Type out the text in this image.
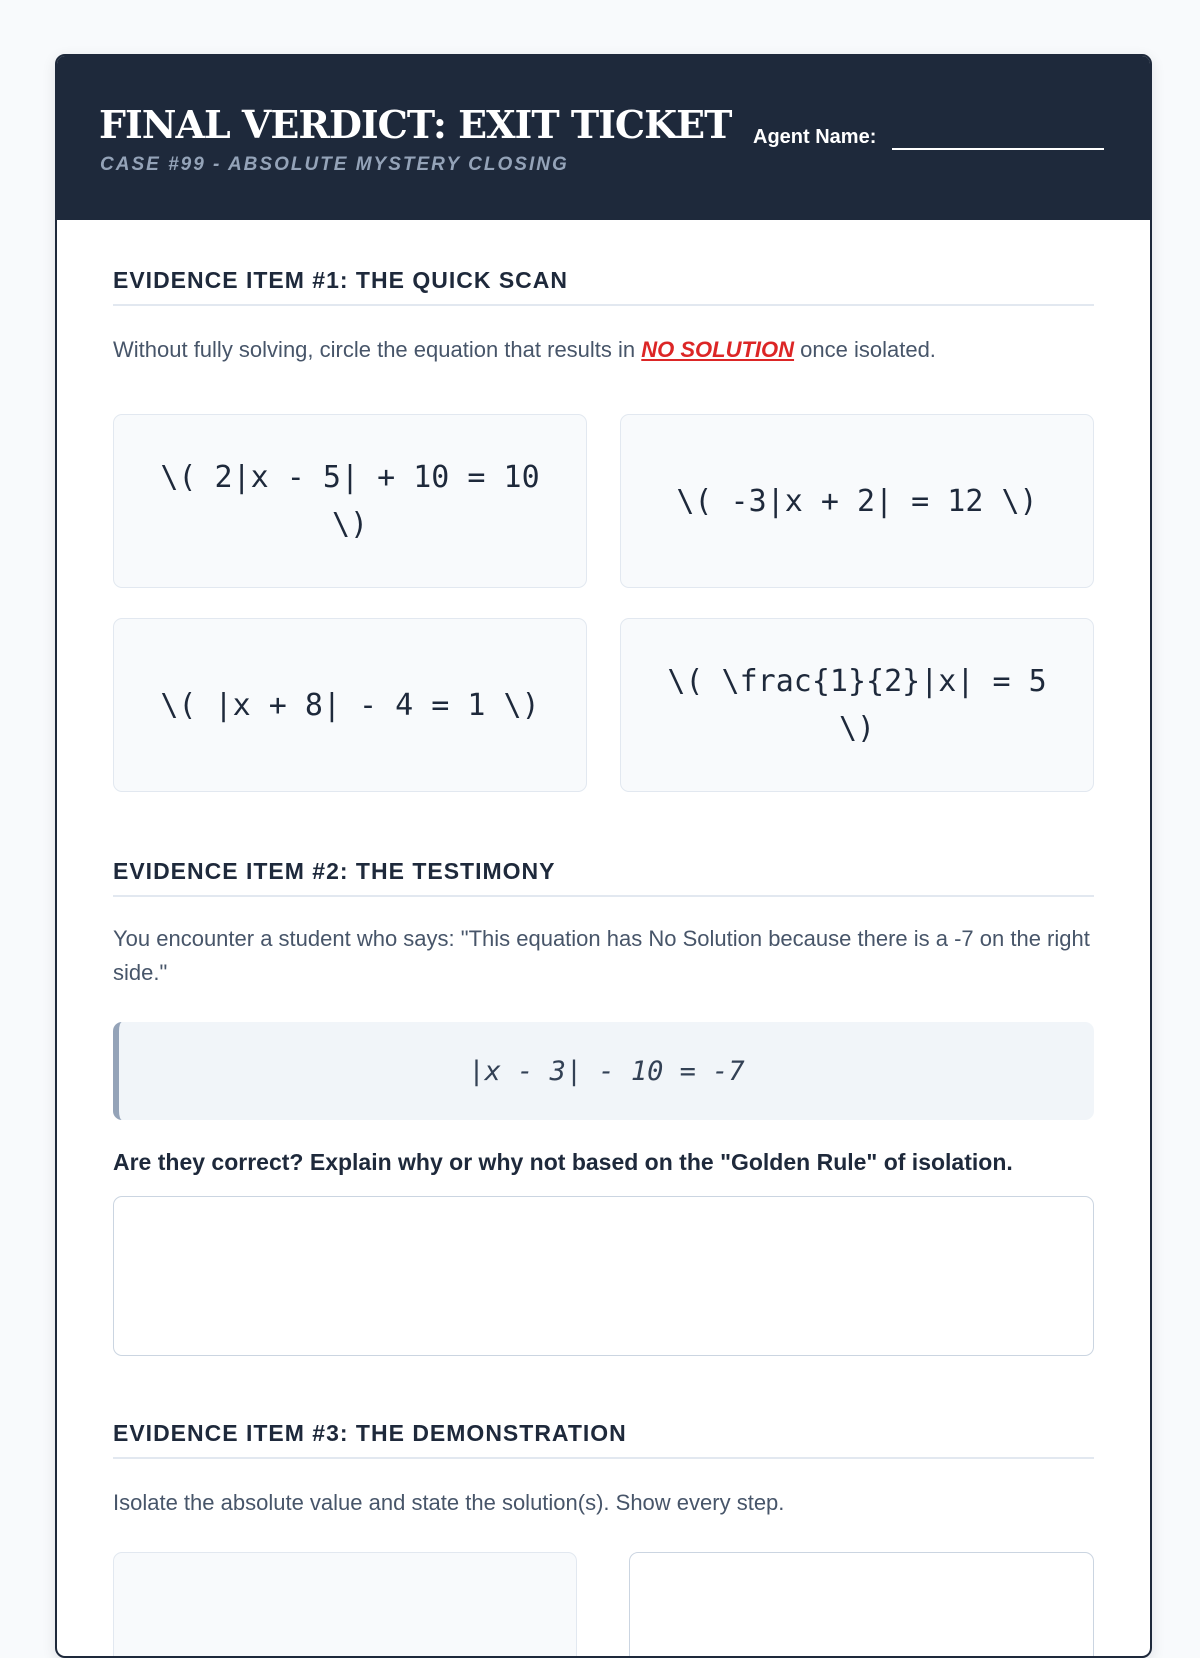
FINAL VERDICT: EXIT TICKET
CASE #99 - ABSOLUTE MYSTERY CLOSING
Agent Name:
EVIDENCE ITEM #1: THE QUICK SCAN

Without fully solving, circle the equation that results in NO SOLUTION once isolated.

\( 2|x - 5| + 10 = 10 \)
\( -3|x + 2| = 12 \)
\( |x + 8| - 4 = 1 \)
\( \frac{1}{2}|x| = 5 \)
EVIDENCE ITEM #2: THE TESTIMONY

You encounter a student who says: "This equation has No Solution because there is a -7 on the right side."

|x - 3| - 10 = -7

Are they correct? Explain why or why not based on the "Golden Rule" of isolation.

EVIDENCE ITEM #3: THE DEMONSTRATION

Isolate the absolute value and state the solution(s). Show every step.
